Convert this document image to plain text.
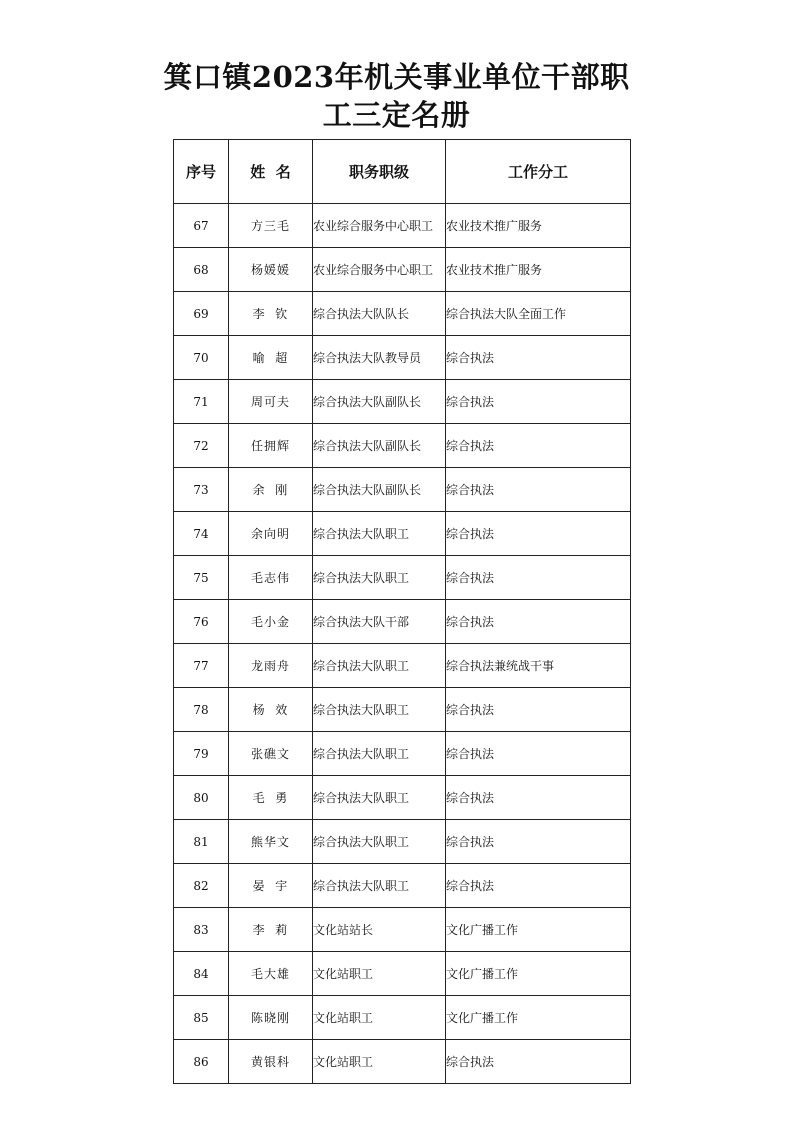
箕口镇2023年机关事业单位干部职
工三定名册
序号	姓  名	职务职级	工作分工
67	方三毛	农业综合服务中心职工	农业技术推广服务
68	杨媛媛	农业综合服务中心职工	农业技术推广服务
69	李  钦	综合执法大队队长	综合执法大队全面工作
70	喻  超	综合执法大队教导员	综合执法
71	周可夫	综合执法大队副队长	综合执法
72	任拥辉	综合执法大队副队长	综合执法
73	余  刚	综合执法大队副队长	综合执法
74	余向明	综合执法大队职工	综合执法
75	毛志伟	综合执法大队职工	综合执法
76	毛小金	综合执法大队干部	综合执法
77	龙雨舟	综合执法大队职工	综合执法兼统战干事
78	杨  效	综合执法大队职工	综合执法
79	张礁文	综合执法大队职工	综合执法
80	毛  勇	综合执法大队职工	综合执法
81	熊华文	综合执法大队职工	综合执法
82	晏  宇	综合执法大队职工	综合执法
83	李  莉	文化站站长	文化广播工作
84	毛大雄	文化站职工	文化广播工作
85	陈晓刚	文化站职工	文化广播工作
86	黄银科	文化站职工	综合执法
